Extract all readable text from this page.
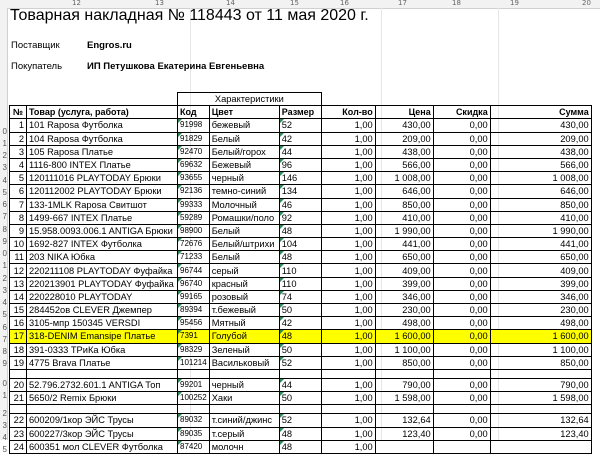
12	13	14	15	16	17	18	19	20
0
1
2
3
4
5
6
7
8
9
0
1
2
3
4
5
6
7
8
9
0
1
2
3
4
5
Товарная накладная № 118443 от 11 мая 2020 г.
Поставщик	Engros.ru
Покупатель	ИП Петушкова Екатерина Евгеньевна
		Характеристики						
№	Товар (услуга, работа)	Код	Цвет	Размер	Кол-во	Цена	Скидка	Сумма
1	101 Raposa Футболка	91998	бежевый	52	1,00	430,00	0,00	430,00
2	104 Raposa Футболка	91829	Белый	42	1,00	209,00	0,00	209,00
3	105 Raposa Платье	92470	Белый/горох	44	1,00	438,00	0,00	438,00
4	1116-800 INTEX Платье	69632	Бежевый	96	1,00	566,00	0,00	566,00
5	120111016 PLAYTODAY Брюки	93655	черный	146	1,00	1 008,00	0,00	1 008,00
6	120112002 PLAYTODAY Брюки	92136	темно-синий	134	1,00	646,00	0,00	646,00
7	133-1MLK Raposa Свитшот	99333	Молочный	46	1,00	850,00	0,00	850,00
8	1499-667 INTEX Платье	59289	Ромашки/поло	92	1,00	410,00	0,00	410,00
9	15.958.0093.006.1 ANTIGA Брюки	98900	Белый	48	1,00	1 990,00	0,00	1 990,00
10	1692-827 INTEX Футболка	72676	Белый/штрихи	104	1,00	441,00	0,00	441,00
11	203 NIKA Юбка	71233	Белый	48	1,00	650,00	0,00	650,00
12	220211108 PLAYTODAY Фуфайка	96744	серый	110	1,00	409,00	0,00	409,00
13	220213901 PLAYTODAY Фуфайка	96740	красный	110	1,00	399,00	0,00	399,00
14	220228010 PLAYTODAY	99165	розовый	74	1,00	346,00	0,00	346,00
15	284452ов CLEVER Джемпер	89394	т.бежевый	50	1,00	230,00	0,00	230,00
16	3105-мпр 150345 VERSDI	95456	Мятный	42	1,00	498,00	0,00	498,00
17	318-DENIM Emansipe Платье	7391	Голубой	48	1,00	1 600,00	0,00	1 600,00
18	391-0333 ТРиКа Юбка	98329	Зеленый	50	1,00	1 100,00	0,00	1 100,00
19	4775 Brava Платье	101214	Васильковый	52	1,00	850,00	0,00	850,00

20	52.796.2732.601.1 ANTIGA Топ	99201	черный	44	1,00	790,00	0,00	790,00
21	5650/2 Remix Брюки	100252	Хаки	50	1,00	1 598,00	0,00	1 598,00

22	600209/1кор ЭЙС Трусы	89032	т.синий/джинс	52	1,00	132,64	0,00	132,64
23	600227/3кор ЭЙС Трусы	89035	т.серый	48	1,00	123,40	0,00	123,40
24	600351 мол CLEVER Футболка	87420	молочн	48	1,00			
